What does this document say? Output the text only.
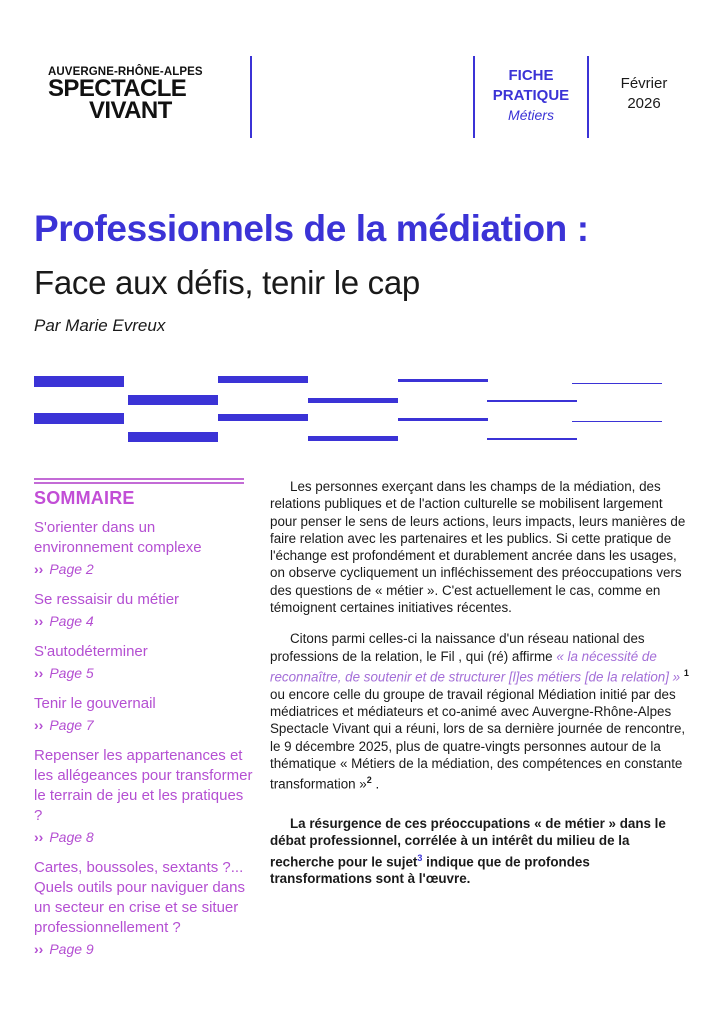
AUVERGNE-RHÔNE-ALPES
SPECTACLE
VIVANT
FICHE
PRATIQUE
Métiers
Février
2026
Professionnels de la médiation :
Face aux défis, tenir le cap
Par Marie Evreux
SOMMAIRE
S'orienter dans un environnement complexe
›› Page 2
Se ressaisir du métier
›› Page 4
S'autodéterminer
›› Page 5
Tenir le gouvernail
›› Page 7
Repenser les appartenances et les allégeances pour transformer le terrain de jeu et les pratiques ?
›› Page 8
Cartes, boussoles, sextants ?... Quels outils pour naviguer dans un secteur en crise et se situer professionnellement ?
›› Page 9

Les personnes exerçant dans les champs de la médiation, des relations publiques et de l'action culturelle se mobilisent largement pour penser le sens de leurs actions, leurs impacts, leurs manières de faire relation avec les partenaires et les publics. Si cette pratique de l'échange est profondément et durablement ancrée dans les usages, on observe cycliquement un infléchissement des préoccupations vers des questions de « métier ». C'est actuellement le cas, comme en témoignent certaines initiatives récentes.

Citons parmi celles-ci la naissance d'un réseau national des professions de la relation, le Fil , qui (ré) affirme « la nécessité de reconnaître, de soutenir et de structurer [l]es métiers [de la relation] » $^1$ ou encore celle du groupe de travail régional Médiation initié par des médiatrices et médiateurs et co-animé avec Auvergne-Rhône-Alpes Spectacle Vivant qui a réuni, lors de sa dernière journée de rencontre, le 9 décembre 2025, plus de quatre-vingts personnes autour de la thématique « Métiers de la médiation, des compétences en constante transformation »$^2$ .

La résurgence de ces préoccupations « de métier » dans le débat professionnel, corrélée à un intérêt du milieu de la recherche pour le sujet$^3$ indique que de profondes transformations sont à l'œuvre.
